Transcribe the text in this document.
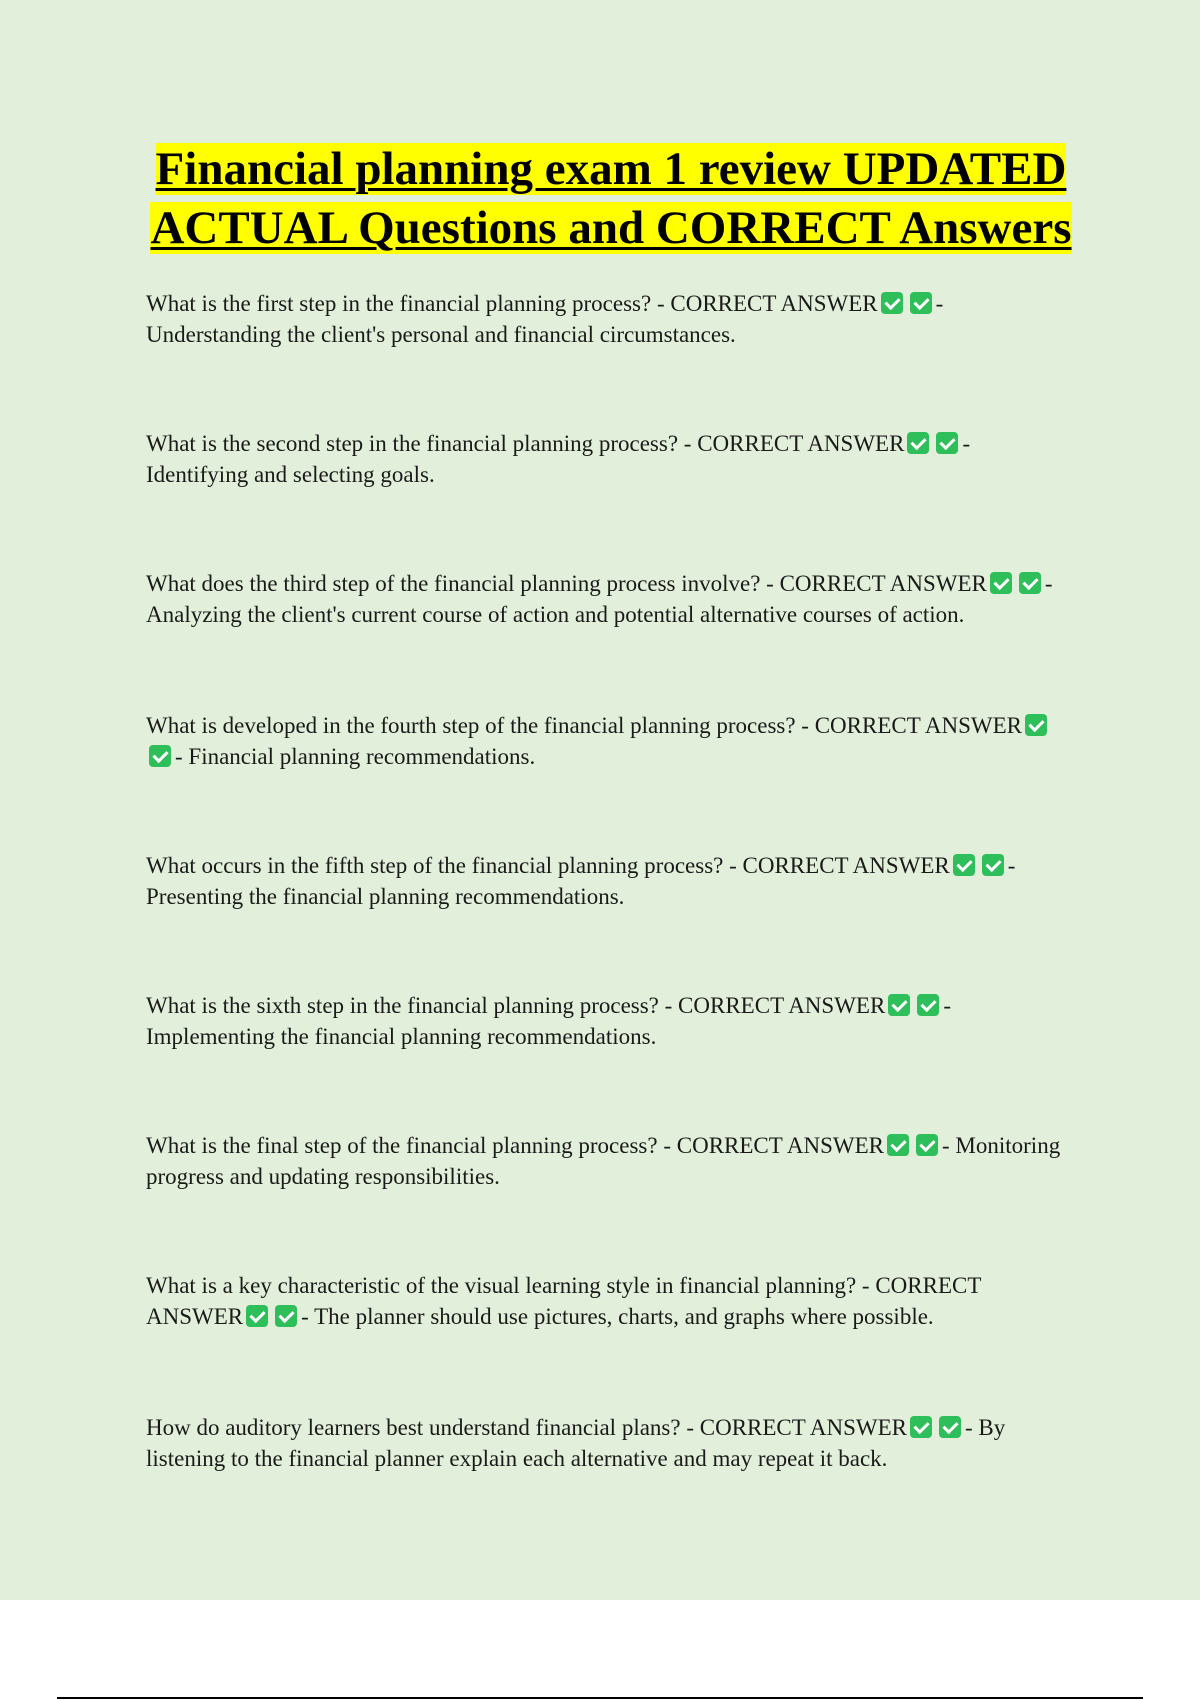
Financial planning exam 1 review UPDATED ACTUAL Questions and CORRECT Answers

What is the first step in the financial planning process? - CORRECT ANSWER	- Understanding the client's personal and financial circumstances.

What is the second step in the financial planning process? - CORRECT ANSWER	- Identifying and selecting goals.

What does the third step of the financial planning process involve? - CORRECT ANSWER	- Analyzing the client's current course of action and potential alternative courses of action.

What is developed in the fourth step of the financial planning process? - CORRECT ANSWER- Financial planning recommendations.

What occurs in the fifth step of the financial planning process? - CORRECT ANSWER	- Presenting the financial planning recommendations.

What is the sixth step in the financial planning process? - CORRECT ANSWER	- Implementing the financial planning recommendations.

What is the final step of the financial planning process? - CORRECT ANSWER	- Monitoring progress and updating responsibilities.

What is a key characteristic of the visual learning style in financial planning? - CORRECT ANSWER	- The planner should use pictures, charts, and graphs where possible.

How do auditory learners best understand financial plans? - CORRECT ANSWER	- By listening to the financial planner explain each alternative and may repeat it back.
